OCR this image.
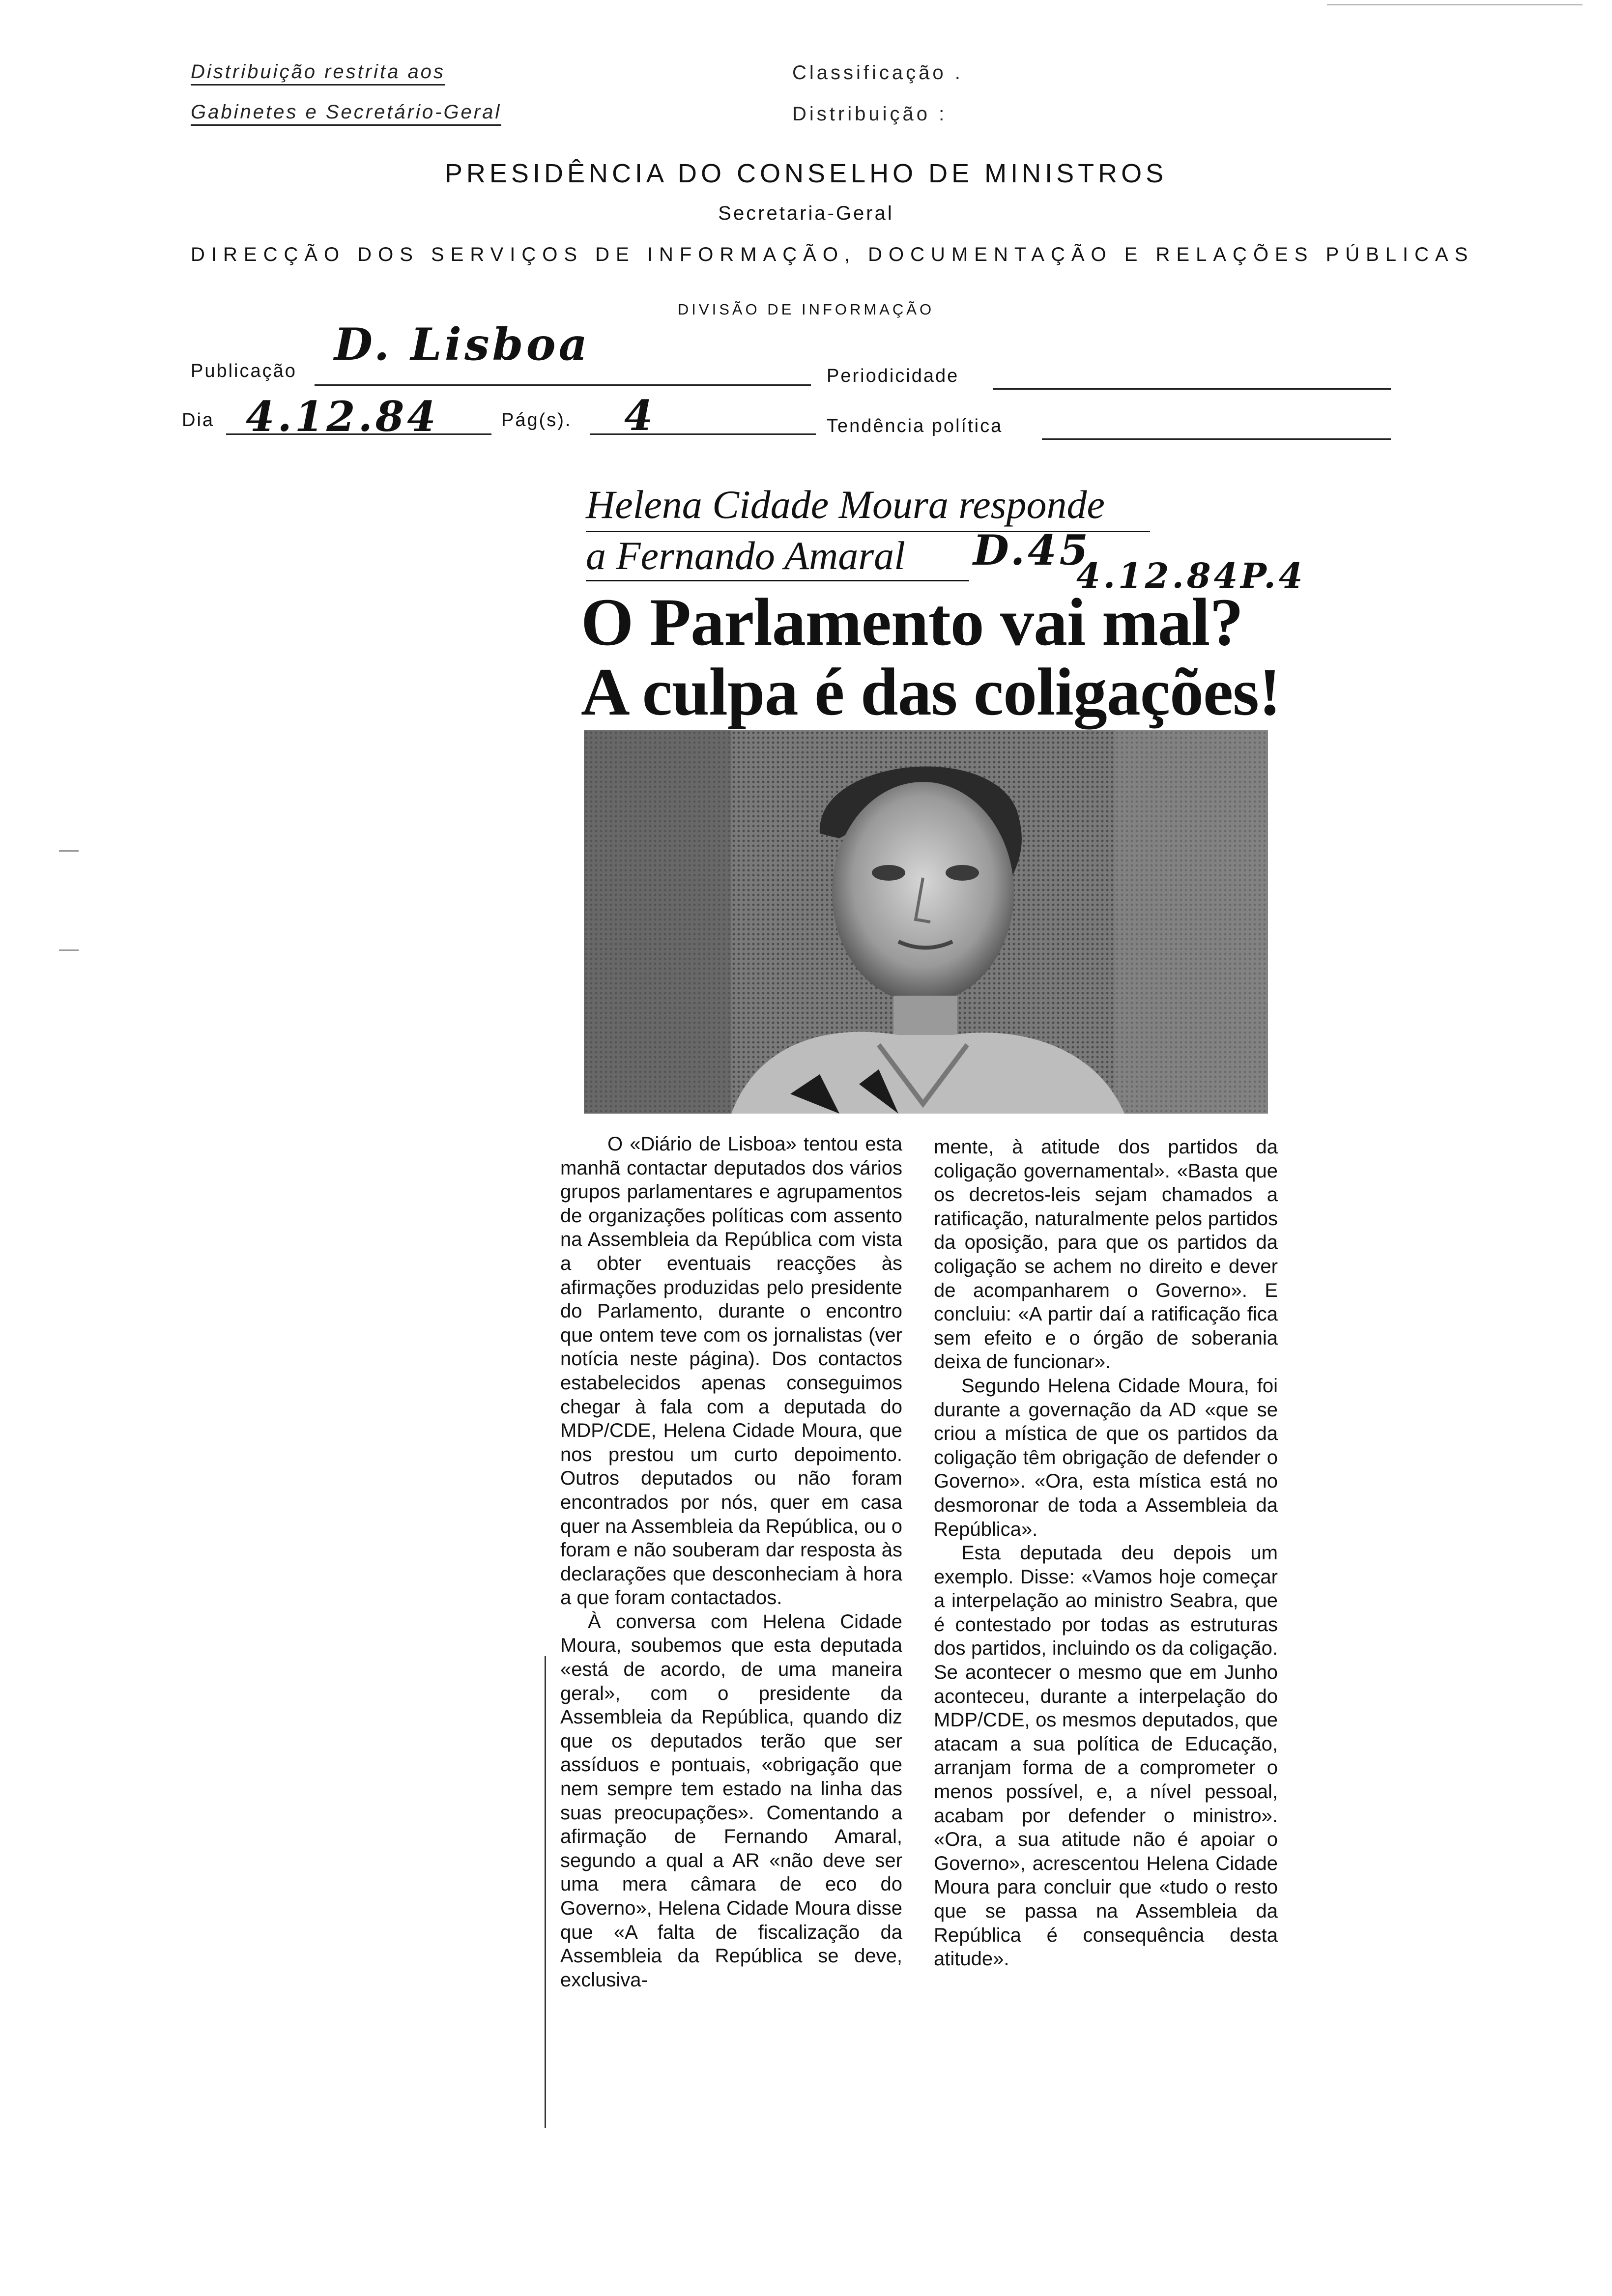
Distribuição restrita aos
Gabinetes e Secretário-Geral
Classificação .
Distribuição :
PRESIDÊNCIA DO CONSELHO DE MINISTROS
Secretaria-Geral
DIRECÇÃO DOS SERVIÇOS DE INFORMAÇÃO, DOCUMENTAÇÃO E RELAÇÕES PÚBLICAS
DIVISÃO DE INFORMAÇÃO
Publicação
D. Lisboa
Periodicidade
Dia 4.12.84	Pág(s). 4	Tendência política
Helena Cidade Moura responde
a Fernando Amaral D.45
4.12.84P.4
O Parlamento vai mal?
A culpa é das coligações!

O «Diário de Lisboa» tentou esta manhã contactar deputados dos vários grupos parlamentares e agrupamentos de organizações políticas com assento na Assembleia da República com vista a obter eventuais reacções às afirmações produzidas pelo presidente do Parlamento, durante o encontro que ontem teve com os jornalistas (ver notícia neste página). Dos contactos estabelecidos apenas conseguimos chegar à fala com a deputada do MDP/CDE, Helena Cidade Moura, que nos prestou um curto depoimento. Outros deputados ou não foram encontrados por nós, quer em casa quer na Assembleia da República, ou o foram e não souberam dar resposta às declarações que desconheciam à hora a que foram contactados.

À conversa com Helena Cidade Moura, soubemos que esta deputada «está de acordo, de uma maneira geral», com o presidente da Assembleia da República, quando diz que os deputados terão que ser assíduos e pontuais, «obrigação que nem sempre tem estado na linha das suas preocupações». Comentando a afirmação de Fernando Amaral, segundo a qual a AR «não deve ser uma mera câmara de eco do Governo», Helena Cidade Moura disse que «A falta de fiscalização da Assembleia da República se deve, exclusiva-

mente, à atitude dos partidos da coligação governamental». «Basta que os decretos-leis sejam chamados a ratificação, naturalmente pelos partidos da oposição, para que os partidos da coligação se achem no direito e dever de acompanharem o Governo». E concluiu: «A partir daí a ratificação fica sem efeito e o órgão de soberania deixa de funcionar».

Segundo Helena Cidade Moura, foi durante a governação da AD «que se criou a mística de que os partidos da coligação têm obrigação de defender o Governo». «Ora, esta mística está no desmoronar de toda a Assembleia da República».

Esta deputada deu depois um exemplo. Disse: «Vamos hoje começar a interpelação ao ministro Seabra, que é contestado por todas as estruturas dos partidos, incluindo os da coligação. Se acontecer o mesmo que em Junho aconteceu, durante a interpelação do MDP/CDE, os mesmos deputados, que atacam a sua política de Educação, arranjam forma de a comprometer o menos possível, e, a nível pessoal, acabam por defender o ministro». «Ora, a sua atitude não é apoiar o Governo», acrescentou Helena Cidade Moura para concluir que «tudo o resto que se passa na Assembleia da República é consequência desta atitude».
